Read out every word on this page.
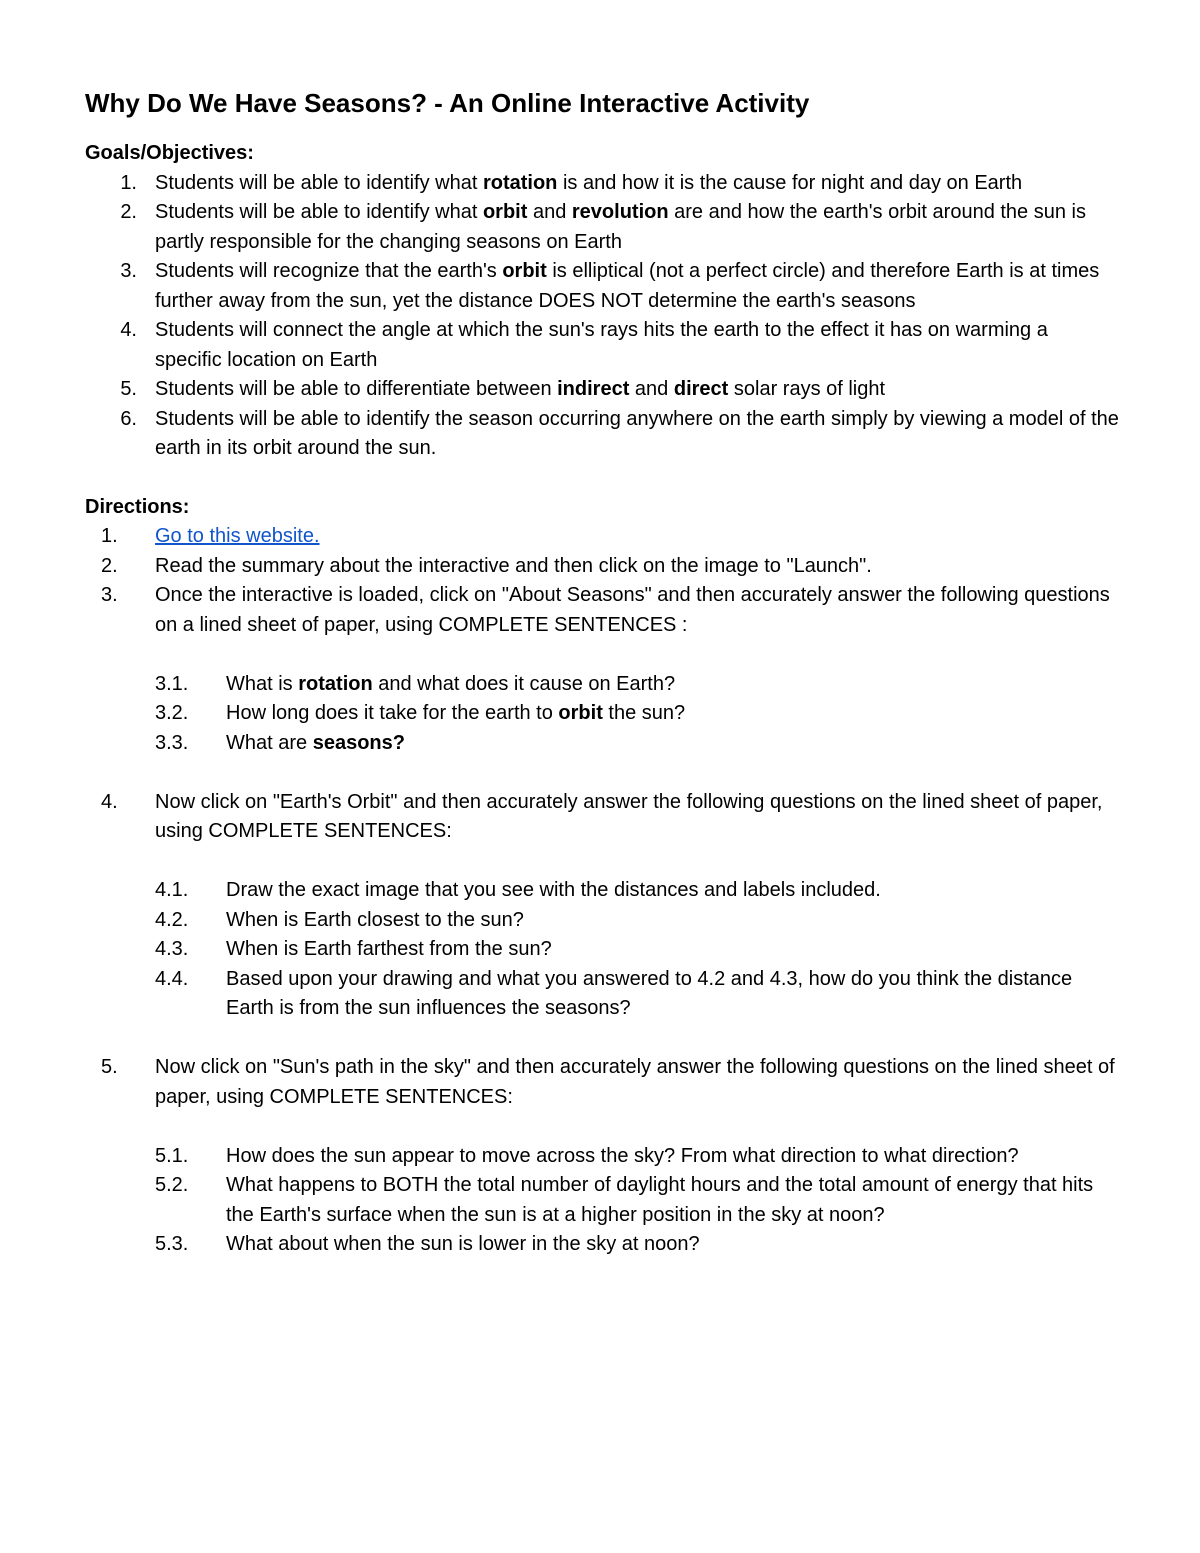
Why Do We Have Seasons? - An Online Interactive Activity
Goals/Objectives:
1. Students will be able to identify what rotation is and how it is the cause for night and day on Earth
2. Students will be able to identify what orbit and revolution are and how the earth's orbit around the sun is partly responsible for the changing seasons on Earth
3. Students will recognize that the earth's orbit is elliptical (not a perfect circle) and therefore Earth is at times further away from the sun, yet the distance DOES NOT determine the earth's seasons
4. Students will connect the angle at which the sun's rays hits the earth to the effect it has on warming a specific location on Earth
5. Students will be able to differentiate between indirect and direct solar rays of light
6. Students will be able to identify the season occurring anywhere on the earth simply by viewing a model of the earth in its orbit around the sun.
Directions:
1.	Go to this website.
2.	Read the summary about the interactive and then click on the image to "Launch".
3.	Once the interactive is loaded, click on "About Seasons" and then accurately answer the following questions on a lined sheet of paper, using COMPLETE SENTENCES :
3.1.	What is rotation and what does it cause on Earth?
3.2.	How long does it take for the earth to orbit the sun?
3.3.	What are seasons?
4.	Now click on "Earth's Orbit" and then accurately answer the following questions on the lined sheet of paper, using COMPLETE SENTENCES:
4.1.	Draw the exact image that you see with the distances and labels included.
4.2.	When is Earth closest to the sun?
4.3.	When is Earth farthest from the sun?
4.4.	Based upon your drawing and what you answered to 4.2 and 4.3, how do you think the distance Earth is from the sun influences the seasons?
5.	Now click on "Sun's path in the sky" and then accurately answer the following questions on the lined sheet of paper, using COMPLETE SENTENCES:
5.1.	How does the sun appear to move across the sky? From what direction to what direction?
5.2.	What happens to BOTH the total number of daylight hours and the total amount of energy that hits the Earth's surface when the sun is at a higher position in the sky at noon?
5.3.	What about when the sun is lower in the sky at noon?
